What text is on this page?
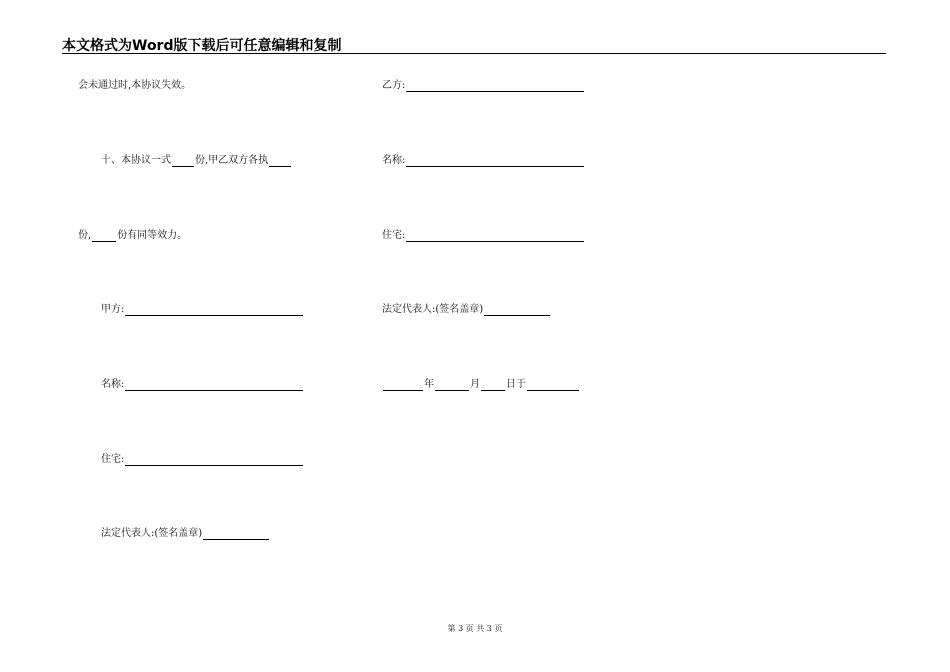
本文格式为Word版下载后可任意编辑和复制
会未通过时,本协议失效。
十、本协议一式 份,甲乙双方各执
份,	份有同等效力。
甲方:
名称:
住宅:
法定代表人:(签名盖章)
乙方:
名称:
住宅:
法定代表人:(签名盖章)
年	月	日于
第 3 页 共 3 页
